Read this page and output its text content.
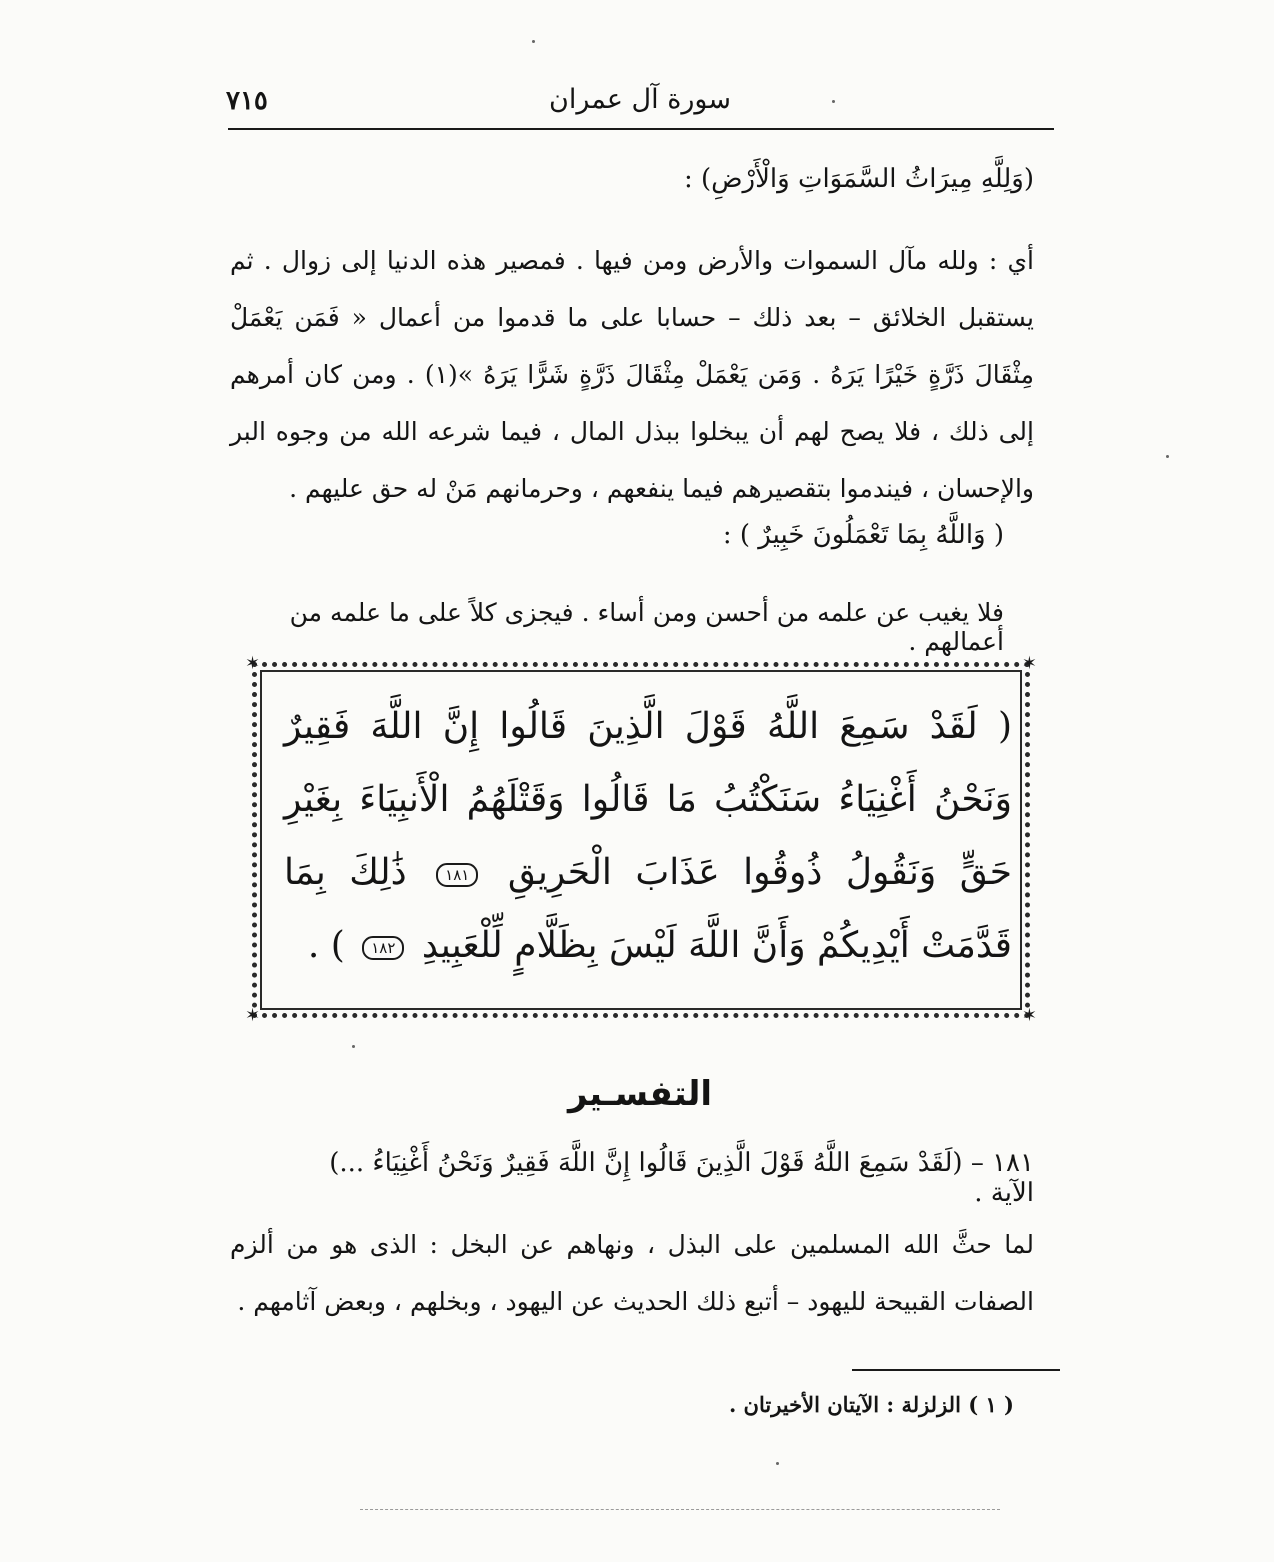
٧١٥	سورة آل عمران
(وَلِلَّهِ مِيرَاثُ السَّمَوَاتِ وَالْأَرْضِ) :
أي : ولله مآل السموات والأرض ومن فيها . فمصير هذه الدنيا إلى زوال . ثم يستقبل الخلائق – بعد ذلك – حسابا على ما قدموا من أعمال « فَمَن يَعْمَلْ مِثْقَالَ ذَرَّةٍ خَيْرًا يَرَهُ . وَمَن يَعْمَلْ مِثْقَالَ ذَرَّةٍ شَرًّا يَرَهُ »(١) . ومن كان أمرهم إلى ذلك ، فلا يصح لهم أن يبخلوا ببذل المال ، فيما شرعه الله من وجوه البر والإحسان ، فيندموا بتقصيرهم فيما ينفعهم ، وحرمانهم مَنْ له حق عليهم .
( وَاللَّهُ بِمَا تَعْمَلُونَ خَبِيرٌ ) :
فلا يغيب عن علمه من أحسن ومن أساء . فيجزى كلاً على ما علمه من أعمالهم .
✶	✶
✶	✶
( لَقَدْ سَمِعَ اللَّهُ قَوْلَ الَّذِينَ قَالُوا إِنَّ اللَّهَ فَقِيرٌ وَنَحْنُ أَغْنِيَاءُ سَنَكْتُبُ مَا قَالُوا وَقَتْلَهُمُ الْأَنبِيَاءَ بِغَيْرِ حَقٍّ وَنَقُولُ ذُوقُوا عَذَابَ الْحَرِيقِ ١٨١ ذَٰلِكَ بِمَا قَدَّمَتْ أَيْدِيكُمْ وَأَنَّ اللَّهَ لَيْسَ بِظَلَّامٍ لِّلْعَبِيدِ ١٨٢ ) .
التفسـير
١٨١ – (لَقَدْ سَمِعَ اللَّهُ قَوْلَ الَّذِينَ قَالُوا إِنَّ اللَّهَ فَقِيرٌ وَنَحْنُ أَغْنِيَاءُ ...) الآية .
لما حثَّ الله المسلمين على البذل ، ونهاهم عن البخل : الذى هو من ألزم الصفات القبيحة لليهود – أتبع ذلك الحديث عن اليهود ، وبخلهم ، وبعض آثامهم .
( ١ ) الزلزلة : الآيتان الأخيرتان .
